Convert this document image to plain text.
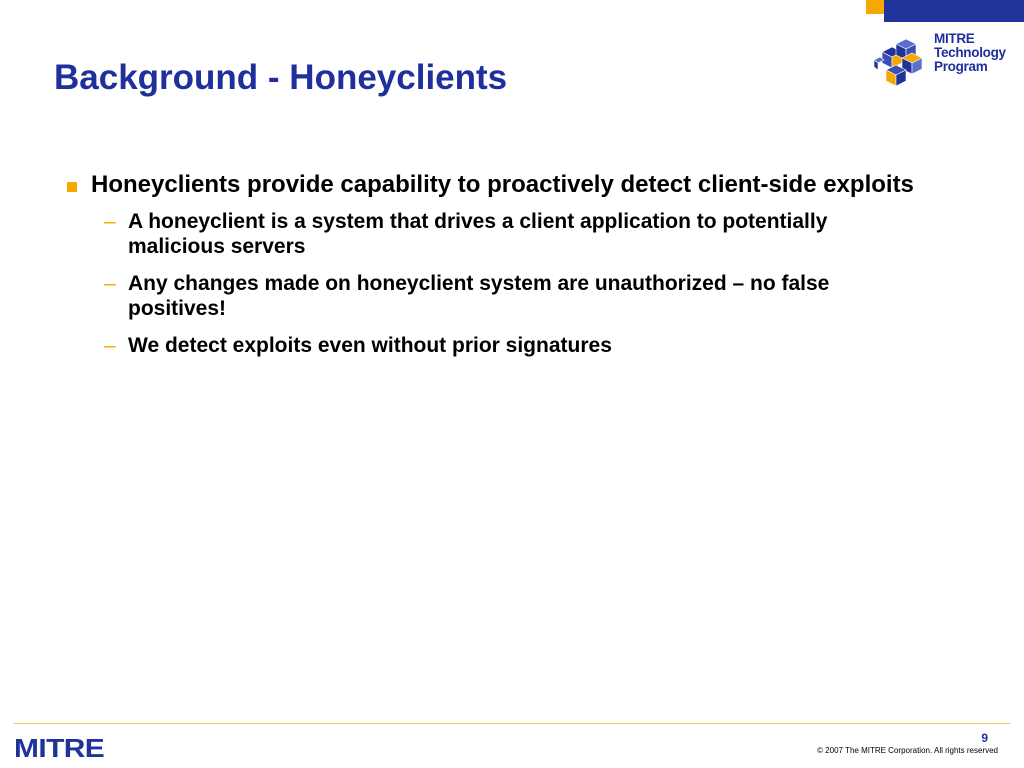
Background - Honeyclients
MITRE
Technology
Program
Honeyclients provide capability to proactively detect client-side exploits
– A honeyclient is a system that drives a client application to potentially malicious servers
– Any changes made on honeyclient system are unauthorized – no false positives!
– We detect exploits even without prior signatures
MITRE	9
© 2007 The MITRE Corporation. All rights reserved
